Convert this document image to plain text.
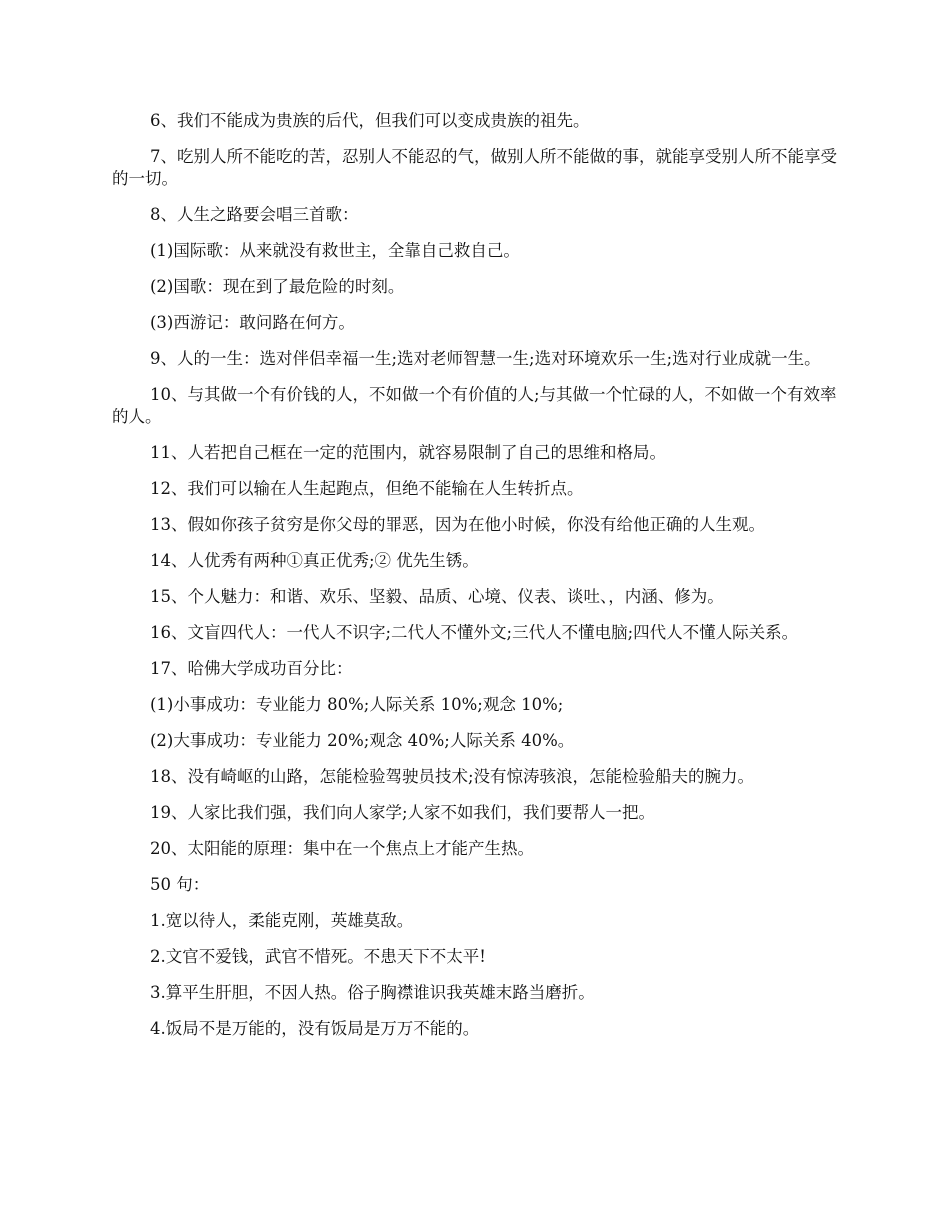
6、我们不能成为贵族的后代，但我们可以变成贵族的祖先。

7、吃别人所不能吃的苦，忍别人不能忍的气，做别人所不能做的事，就能享受别人所不能享受的一切。

8、人生之路要会唱三首歌：

(1)国际歌：从来就没有救世主，全靠自己救自己。

(2)国歌：现在到了最危险的时刻。

(3)西游记：敢问路在何方。

9、人的一生：选对伴侣幸福一生;选对老师智慧一生;选对环境欢乐一生;选对行业成就一生。

10、与其做一个有价钱的人，不如做一个有价值的人;与其做一个忙碌的人，不如做一个有效率的人。

11、人若把自己框在一定的范围内，就容易限制了自己的思维和格局。

12、我们可以输在人生起跑点，但绝不能输在人生转折点。

13、假如你孩子贫穷是你父母的罪恶，因为在他小时候，你没有给他正确的人生观。

14、人优秀有两种①真正优秀;② 优先生锈。

15、个人魅力：和谐、欢乐、坚毅、品质、心境、仪表、谈吐、，内涵、修为。

16、文盲四代人：一代人不识字;二代人不懂外文;三代人不懂电脑;四代人不懂人际关系。

17、哈佛大学成功百分比：

(1)小事成功：专业能力 80%;人际关系 10%;观念 10%;

(2)大事成功：专业能力 20%;观念 40%;人际关系 40%。

18、没有崎岖的山路，怎能检验驾驶员技术;没有惊涛骇浪，怎能检验船夫的腕力。

19、人家比我们强，我们向人家学;人家不如我们，我们要帮人一把。

20、太阳能的原理：集中在一个焦点上才能产生热。

50 句：

1.宽以待人，柔能克刚，英雄莫敌。

2.文官不爱钱，武官不惜死。不患天下不太平!

3.算平生肝胆，不因人热。俗子胸襟谁识我英雄末路当磨折。

4.饭局不是万能的，没有饭局是万万不能的。
